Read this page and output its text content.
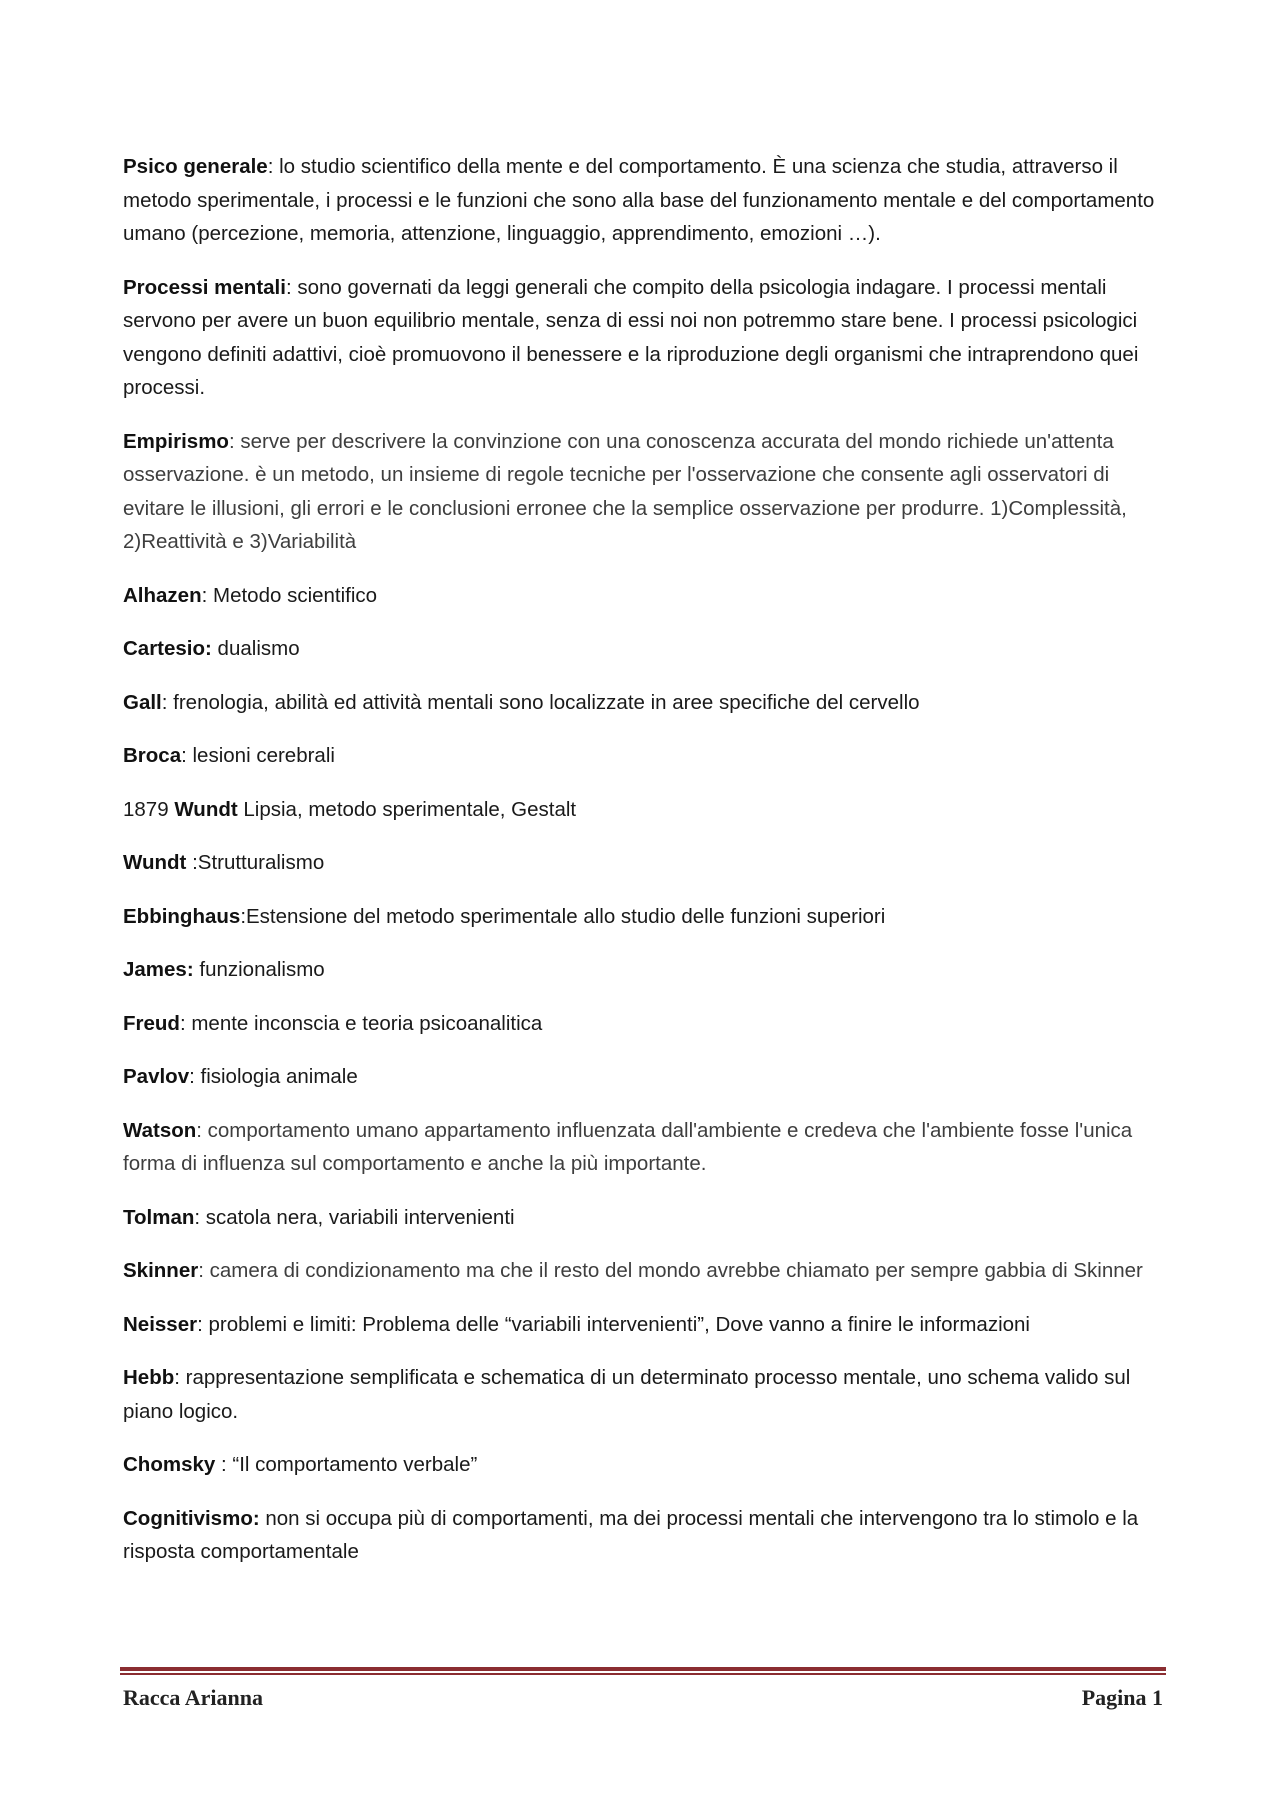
Psico generale: lo studio scientifico della mente e del comportamento. È una scienza che studia, attraverso il metodo sperimentale, i processi e le funzioni che sono alla base del funzionamento mentale e del comportamento umano (percezione, memoria, attenzione, linguaggio, apprendimento, emozioni …).

Processi mentali: sono governati da leggi generali che compito della psicologia indagare. I processi mentali servono per avere un buon equilibrio mentale, senza di essi noi non potremmo stare bene. I processi psicologici vengono definiti adattivi, cioè promuovono il benessere e la riproduzione degli organismi che intraprendono quei processi.

Empirismo: serve per descrivere la convinzione con una conoscenza accurata del mondo richiede un'attenta osservazione. è un metodo, un insieme di regole tecniche per l'osservazione che consente agli osservatori di evitare le illusioni, gli errori e le conclusioni erronee che la semplice osservazione per produrre. 1)Complessità, 2)Reattività e 3)Variabilità

Alhazen: Metodo scientifico

Cartesio: dualismo

Gall: frenologia, abilità ed attività mentali sono localizzate in aree specifiche del cervello

Broca: lesioni cerebrali

1879 Wundt Lipsia, metodo sperimentale, Gestalt

Wundt :Strutturalismo

Ebbinghaus:Estensione del metodo sperimentale allo studio delle funzioni superiori

James: funzionalismo

Freud: mente inconscia e teoria psicoanalitica

Pavlov: fisiologia animale

Watson: comportamento umano appartamento influenzata dall'ambiente e credeva che l'ambiente fosse l'unica forma di influenza sul comportamento e anche la più importante.

Tolman: scatola nera, variabili intervenienti

Skinner: camera di condizionamento ma che il resto del mondo avrebbe chiamato per sempre gabbia di Skinner

Neisser: problemi e limiti: Problema delle “variabili intervenienti”, Dove vanno a finire le informazioni

Hebb: rappresentazione semplificata e schematica di un determinato processo mentale, uno schema valido sul piano logico.

Chomsky : “Il comportamento verbale”

Cognitivismo: non si occupa più di comportamenti, ma dei processi mentali che intervengono tra lo stimolo e la risposta comportamentale

Racca Arianna	Pagina 1
